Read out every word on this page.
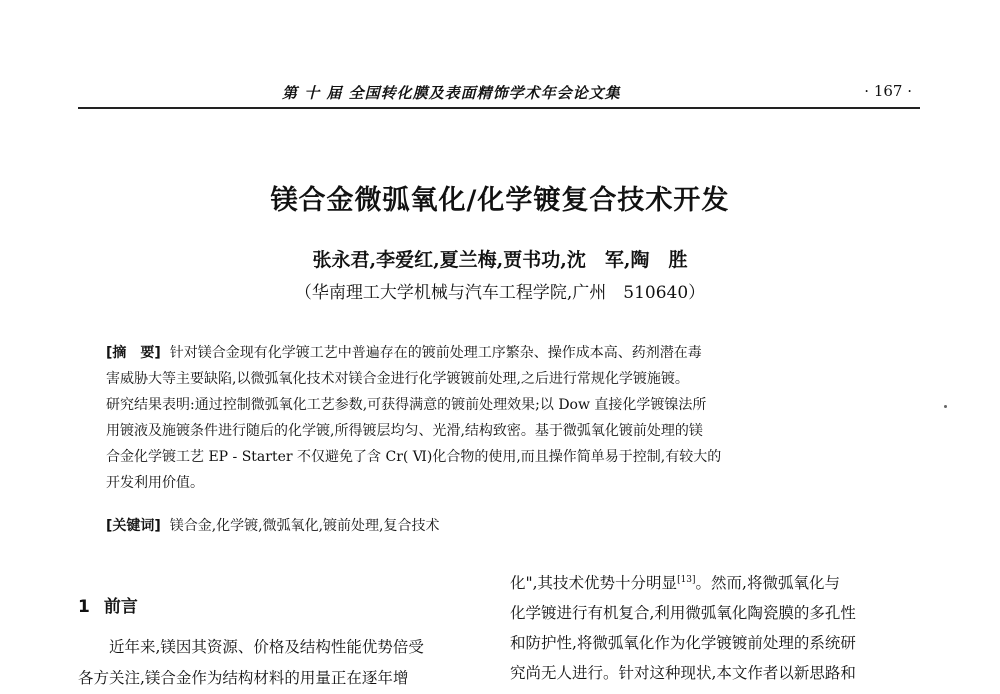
第 十 届 全国转化膜及表面精饰学术年会论文集	· 167 ·
镁合金微弧氧化/化学镀复合技术开发
张永君,李爱红,夏兰梅,贾书功,沈　军,陶　胜
（华南理工大学机械与汽车工程学院,广州　510640）
[摘　要] 针对镁合金现有化学镀工艺中普遍存在的镀前处理工序繁杂、操作成本高、药剂潜在毒
害威胁大等主要缺陷,以微弧氧化技术对镁合金进行化学镀镀前处理,之后进行常规化学镀施镀。
研究结果表明:通过控制微弧氧化工艺参数,可获得满意的镀前处理效果;以 Dow 直接化学镀镍法所
用镀液及施镀条件进行随后的化学镀,所得镀层均匀、光滑,结构致密。基于微弧氧化镀前处理的镁
合金化学镀工艺 EP - Starter 不仅避免了含 Cr( Ⅵ)化合物的使用,而且操作简单易于控制,有较大的
开发利用价值。
[关键词] 镁合金,化学镀,微弧氧化,镀前处理,复合技术
1 前言
近年来,镁因其资源、价格及结构性能优势倍受
各方关注,镁合金作为结构材料的用量正在逐年增
化",其技术优势十分明显[13]。然而,将微弧氧化与
化学镀进行有机复合,利用微弧氧化陶瓷膜的多孔性
和防护性,将微弧氧化作为化学镀镀前处理的系统研
究尚无人进行。针对这种现状,本文作者以新思路和
